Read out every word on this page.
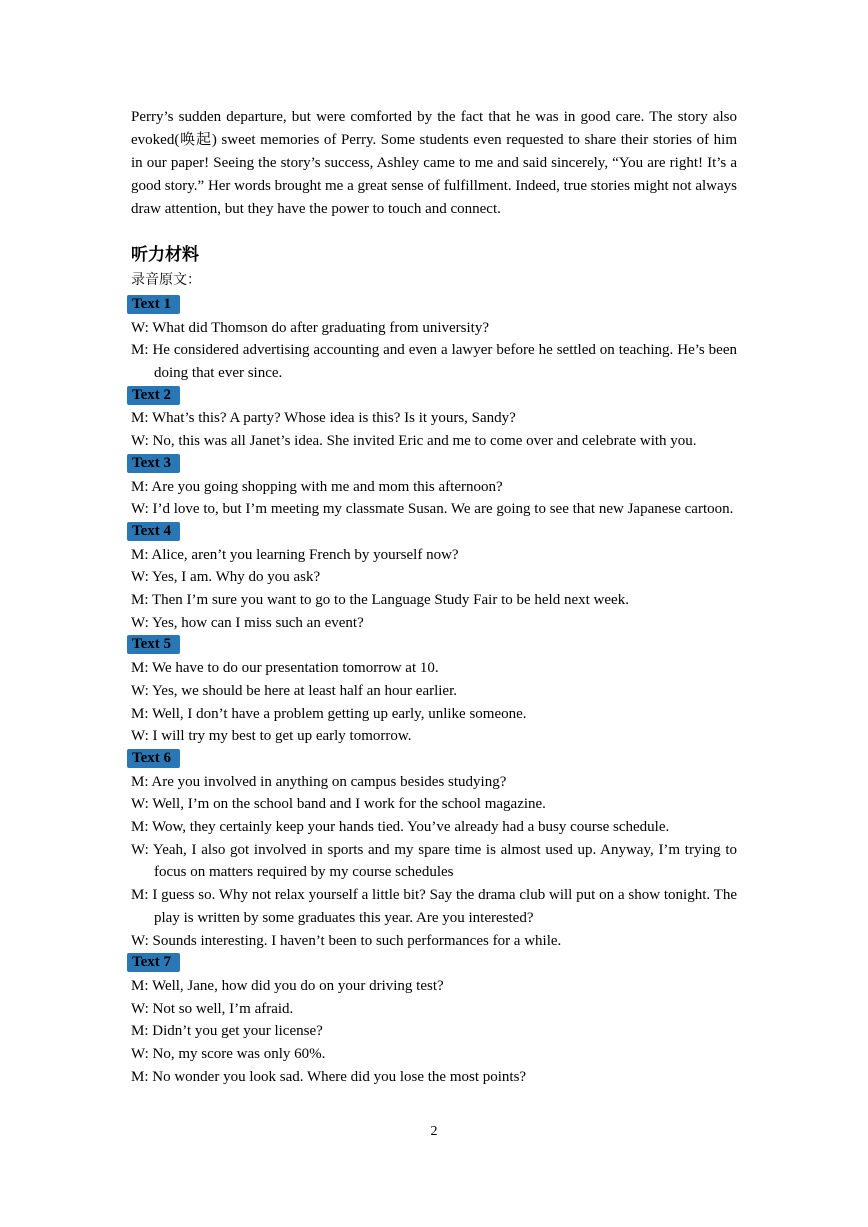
Perry’s sudden departure, but were comforted by the fact that he was in good care. The story also evoked(唤起) sweet memories of Perry. Some students even requested to share their stories of him in our paper! Seeing the story’s success, Ashley came to me and said sincerely, “You are right! It’s a good story.” Her words brought me a great sense of fulfillment. Indeed, true stories might not always draw attention, but they have the power to touch and connect.
听力材料
录音原文：
Text 1
W: What did Thomson do after graduating from university?
M: He considered advertising accounting and even a lawyer before he settled on teaching. He’s been doing that ever since.
Text 2
M: What’s this? A party? Whose idea is this? Is it yours, Sandy?
W: No, this was all Janet’s idea. She invited Eric and me to come over and celebrate with you.
Text 3
M: Are you going shopping with me and mom this afternoon?
W: I’d love to, but I’m meeting my classmate Susan. We are going to see that new Japanese cartoon.
Text 4
M: Alice, aren’t you learning French by yourself now?
W: Yes, I am. Why do you ask?
M: Then I’m sure you want to go to the Language Study Fair to be held next week.
W: Yes, how can I miss such an event?
Text 5
M: We have to do our presentation tomorrow at 10.
W: Yes, we should be here at least half an hour earlier.
M: Well, I don’t have a problem getting up early, unlike someone.
W: I will try my best to get up early tomorrow.
Text 6
M: Are you involved in anything on campus besides studying?
W: Well, I’m on the school band and I work for the school magazine.
M: Wow, they certainly keep your hands tied. You’ve already had a busy course schedule.
W: Yeah, I also got involved in sports and my spare time is almost used up. Anyway, I’m trying to focus on matters required by my course schedules
M: I guess so. Why not relax yourself a little bit? Say the drama club will put on a show tonight. The play is written by some graduates this year. Are you interested?
W: Sounds interesting. I haven’t been to such performances for a while.
Text 7
M: Well, Jane, how did you do on your driving test?
W: Not so well, I’m afraid.
M: Didn’t you get your license?
W: No, my score was only 60%.
M: No wonder you look sad. Where did you lose the most points?
2
